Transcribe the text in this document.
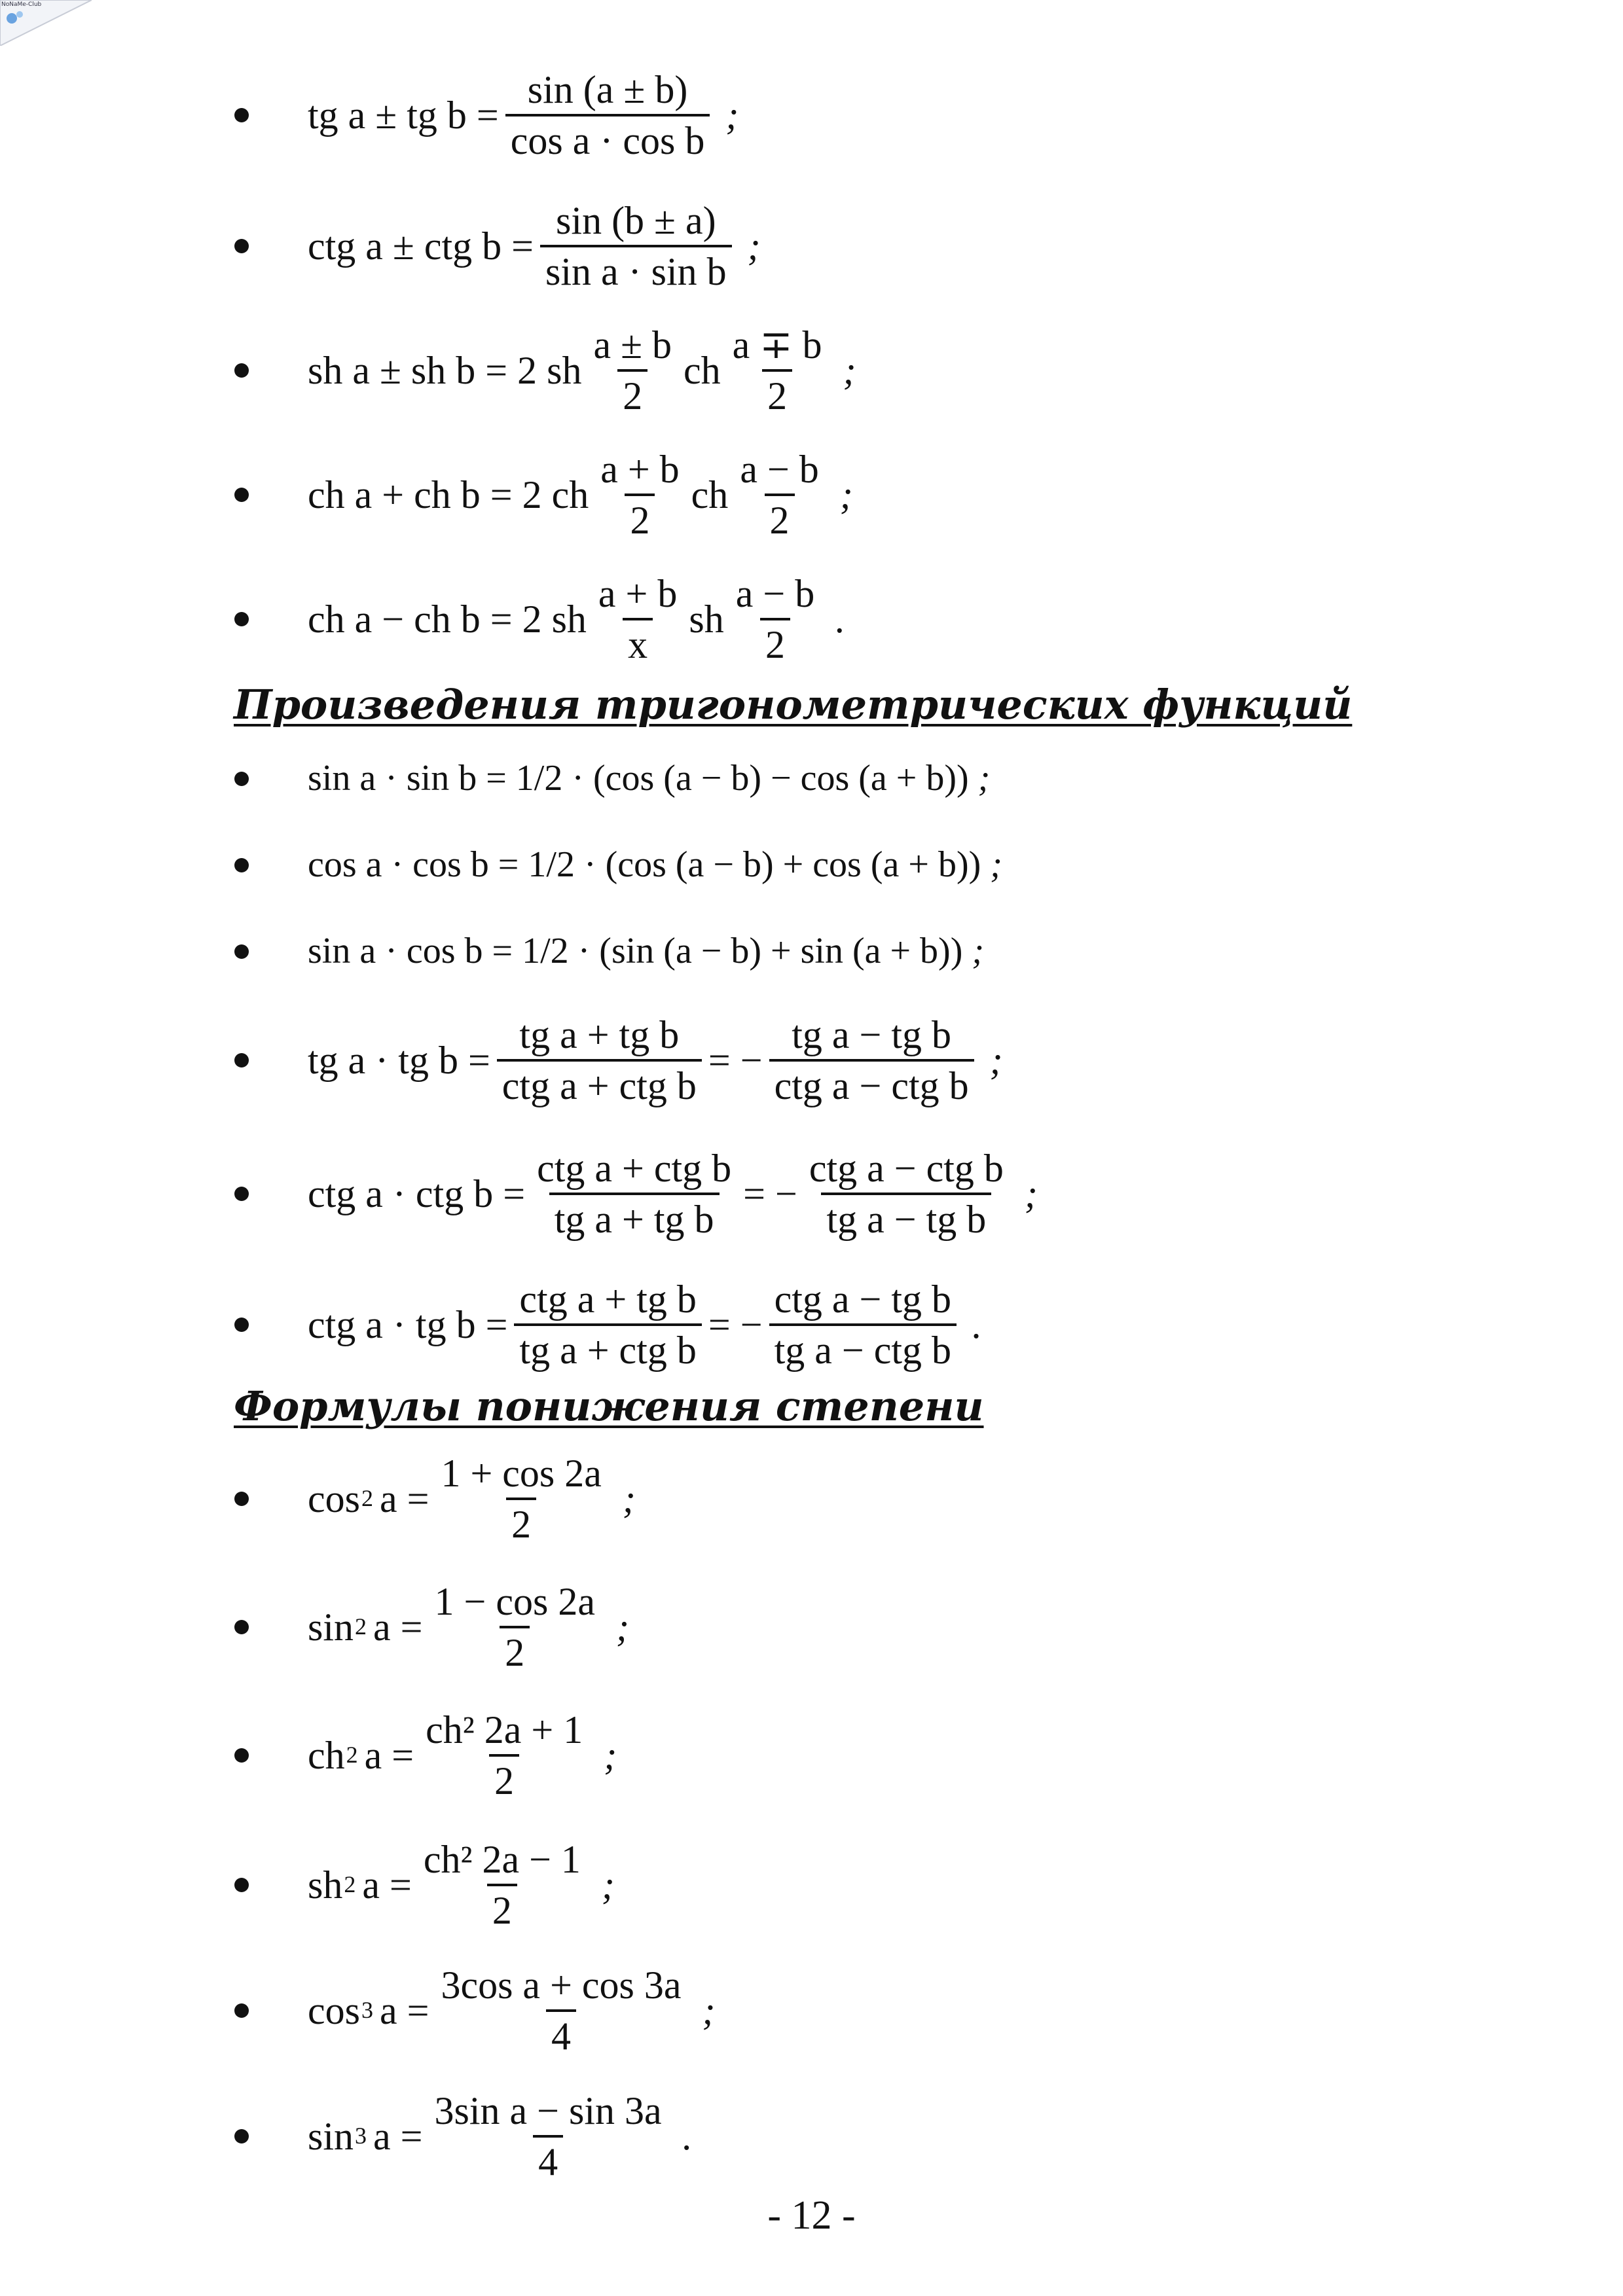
NoNaMe-Club
tg a ± tg $b = \frac{\sin (a \pm b)}{\text{cos a · cos b}}$ ;
ctg a ± ctg $b = \frac{\sin (b \pm a)}{\text{sin a · sin b}}$ ;
sh a ± sh b = 2 sh $\frac{a \pm b}{2}$ ch $\frac{a \mp b}{2}$ ;
ch a + ch b = 2 ch $\frac{a + b}{2}$ ch $\frac{a - b}{2}$ ;
ch a − ch b = 2 sh $\frac{a + b}{x}$ sh $\frac{a - b}{2}$ .
Произведения тригонометрических функций
sin a · sin b = 1/2 · (cos (a − b) − cos (a + b)) ;
cos a · cos b = 1/2 · (cos (a − b) + cos (a + b)) ;
sin a · cos b = 1/2 · (sin (a − b) + sin (a + b)) ;
tg a · tg $b = \frac{\text{tg a + tg b}}{\text{ctg a + ctg b}}$ = − $\frac{\text{tg a − tg b}}{\text{ctg a − ctg b}}$ ;
ctg a · ctg $b = \frac{\text{ctg a + ctg b}}{\text{tg a + tg b}}$ = − $\frac{\text{ctg a − ctg b}}{\text{tg a − tg b}}$ ;
ctg a · tg $b = \frac{\text{ctg a + tg b}}{\text{tg a + ctg b}}$ = − $\frac{\text{ctg a − tg b}}{\text{tg a − ctg b}}$ .
Формулы понижения степени
cos 2 $a = \frac{1 + \cos 2a}{2}$ ;
sin 2 $a = \frac{1 - \cos 2a}{2}$ ;
ch 2 $a = \frac{\text{ch² 2a + 1}}{2}$ ;
sh 2 $a = \frac{\text{ch² 2a − 1}}{2}$ ;
cos 3 $a = \frac{\text{3cos a + cos 3a}}{4}$ ;
sin 3 $a = \frac{\text{3sin a − sin 3a}}{4}$ .
- 12 -
